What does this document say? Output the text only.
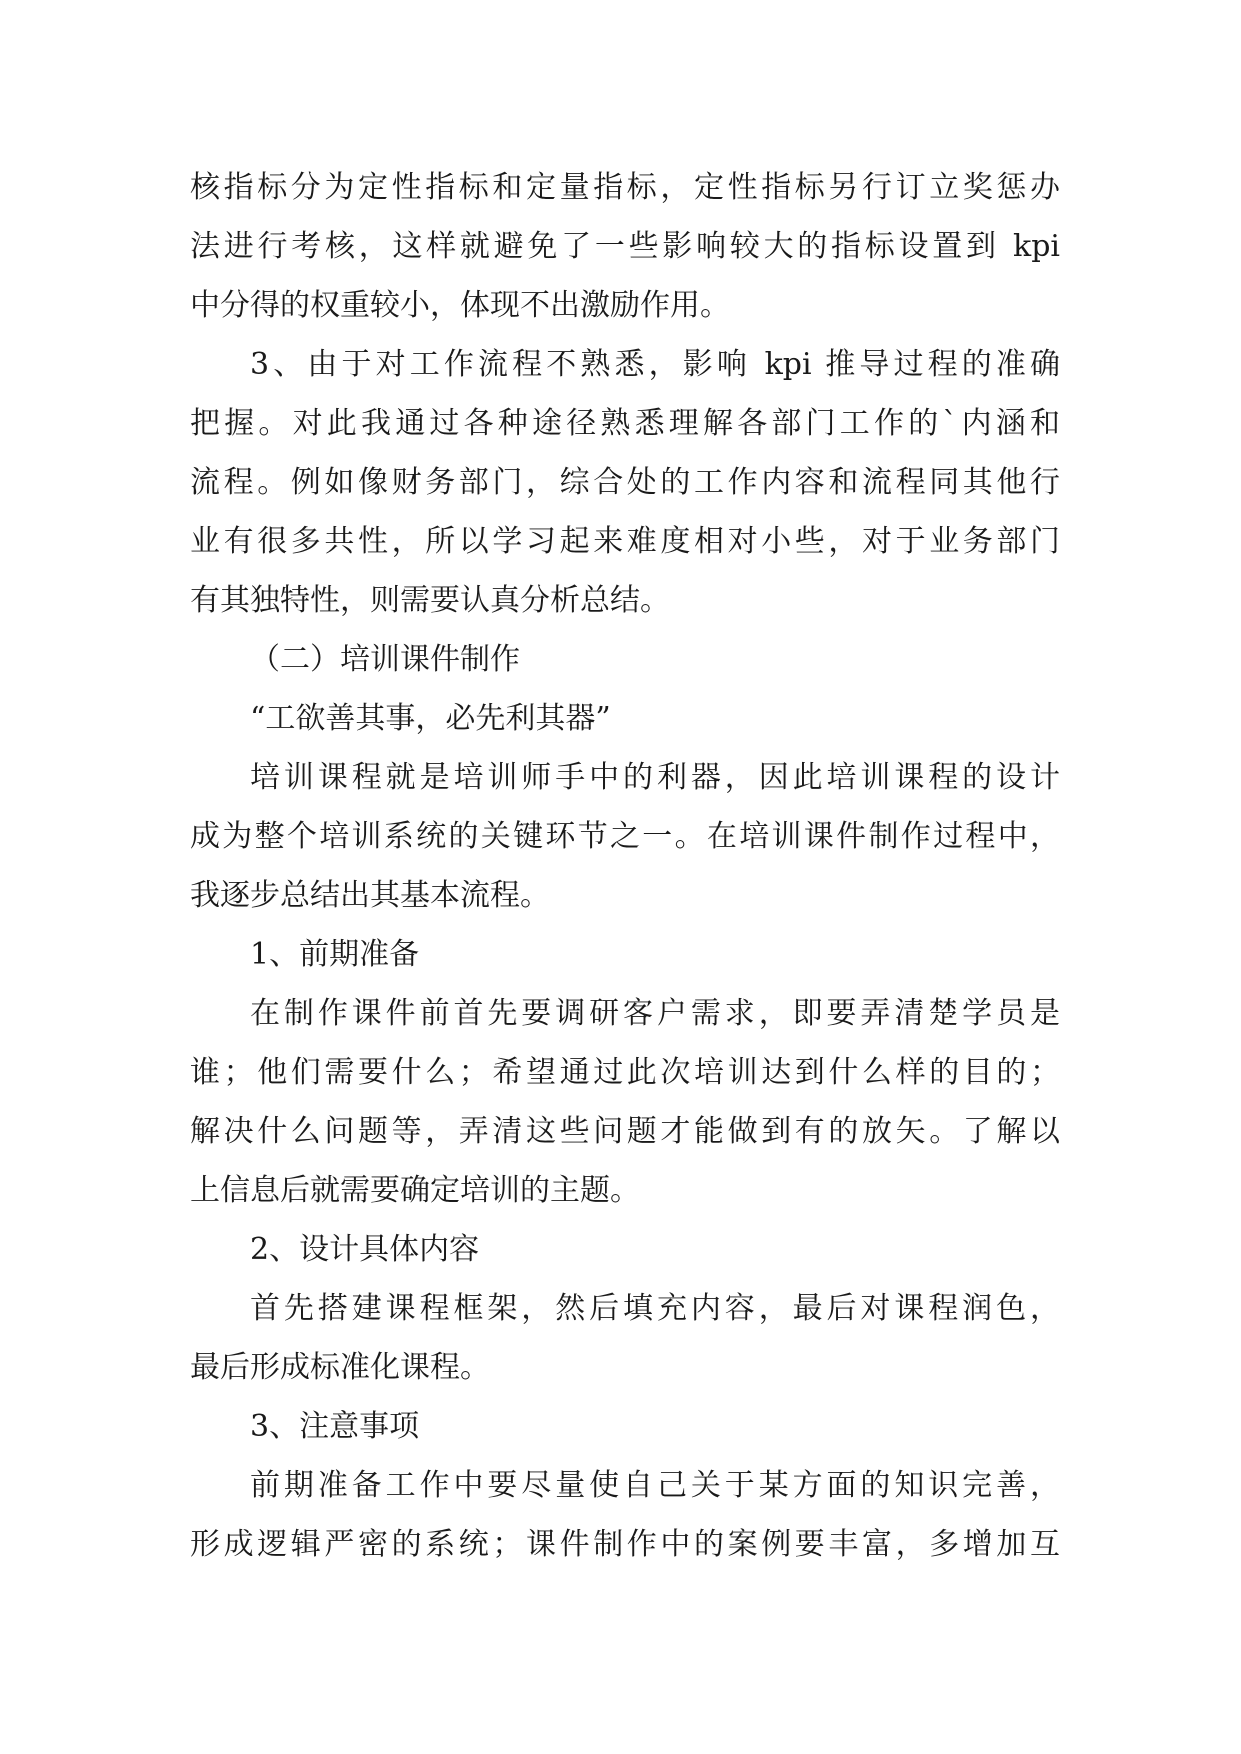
核指标分为定性指标和定量指标，定性指标另行订立奖惩办
法进行考核，这样就避免了一些影响较大的指标设置到 kpi
中分得的权重较小，体现不出激励作用。
3、由于对工作流程不熟悉，影响 kpi 推导过程的准确
把握。对此我通过各种途径熟悉理解各部门工作的`内涵和
流程。例如像财务部门，综合处的工作内容和流程同其他行
业有很多共性，所以学习起来难度相对小些，对于业务部门
有其独特性，则需要认真分析总结。
（二）培训课件制作
“工欲善其事，必先利其器”
培训课程就是培训师手中的利器，因此培训课程的设计
成为整个培训系统的关键环节之一。在培训课件制作过程中，
我逐步总结出其基本流程。
1、前期准备
在制作课件前首先要调研客户需求，即要弄清楚学员是
谁；他们需要什么；希望通过此次培训达到什么样的目的；
解决什么问题等，弄清这些问题才能做到有的放矢。了解以
上信息后就需要确定培训的主题。
2、设计具体内容
首先搭建课程框架，然后填充内容，最后对课程润色，
最后形成标准化课程。
3、注意事项
前期准备工作中要尽量使自己关于某方面的知识完善，
形成逻辑严密的系统；课件制作中的案例要丰富，多增加互
